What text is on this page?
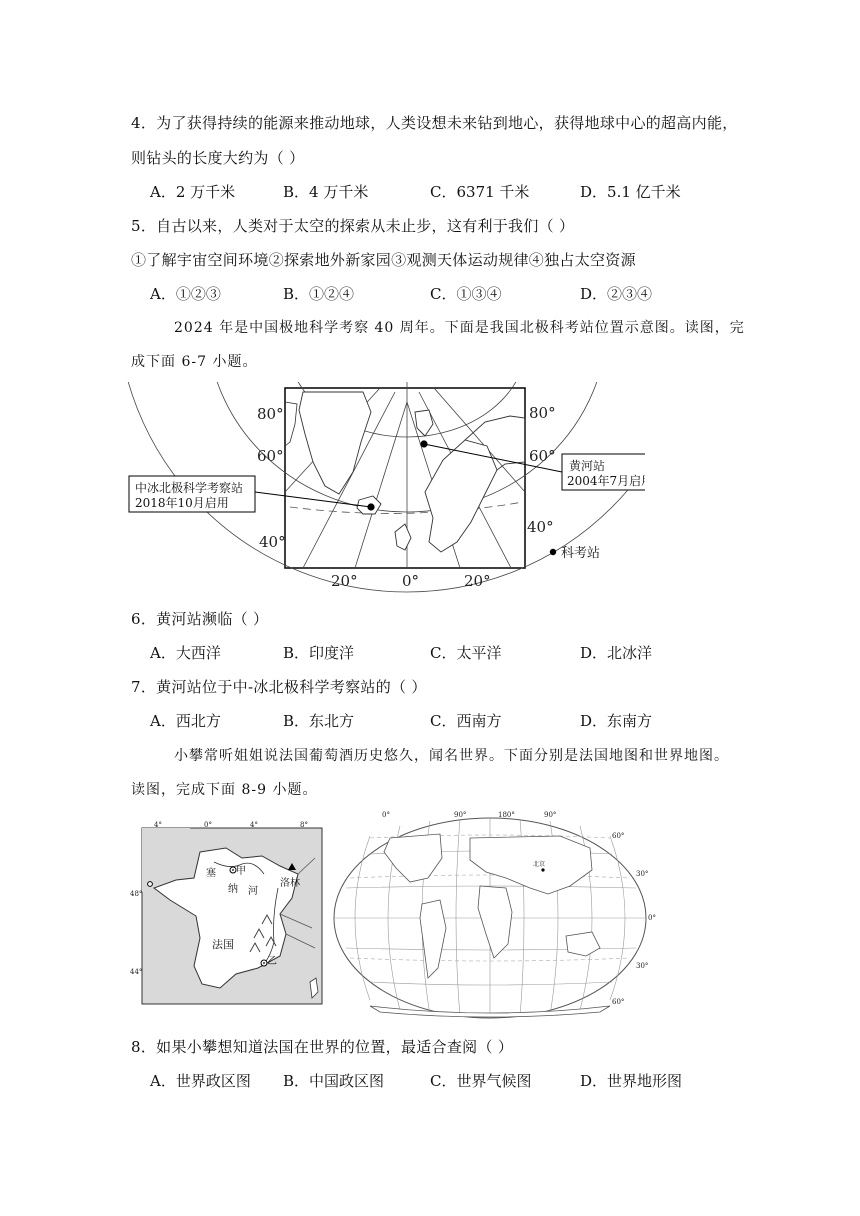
4．为了获得持续的能源来推动地球，人类设想未来钻到地心，获得地球中心的超高内能，
则钻头的长度大约为（ ）
A．2 万千米	B．4 万千米	C．6371 千米	D．5.1 亿千米
5．自古以来，人类对于太空的探索从未止步，这有利于我们（ ）
①了解宇宙空间环境②探索地外新家园③观测天体运动规律④独占太空资源
A．①②③	B．①②④	C．①③④	D．②③④
2024 年是中国极地科学考察 40 周年。下面是我国北极科考站位置示意图。读图，完
成下面 6-7 小题。
80°
60°
40°
80°
60°
40°
20°	0°	20°
中冰北极科学考察站
2018年10月启用
黄河站
2004年7月启用
科考站
6．黄河站濒临（ ）
A．大西洋	B．印度洋	C．太平洋	D．北冰洋
7．黄河站位于中-冰北极科学考察站的（ ）
A．西北方	B．东北方	C．西南方	D．东南方
小攀常听姐姐说法国葡萄酒历史悠久，闻名世界。下面分别是法国地图和世界地图。
读图，完成下面 8-9 小题。
4°	0°	4°	8°
48°
44°
塞
纳 河
甲
洛林
法国
乙
0°	90°	180°	90°
60°
30°
0°
30°
60°
北京
8．如果小攀想知道法国在世界的位置，最适合查阅（ ）
A．世界政区图 B．中国政区图	C．世界气候图	D．世界地形图
